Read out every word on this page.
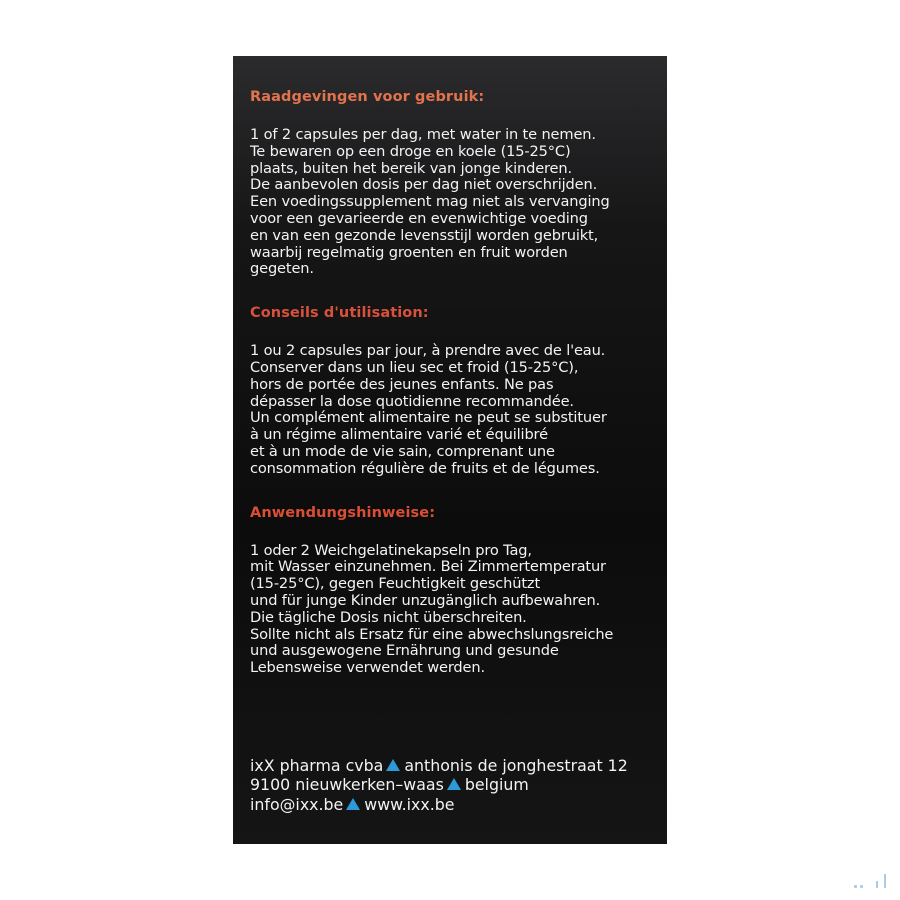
Raadgevingen voor gebruik:

1 of 2 capsules per dag, met water in te nemen.
Te bewaren op een droge en koele (15-25°C)
plaats, buiten het bereik van jonge kinderen.
De aanbevolen dosis per dag niet overschrijden.
Een voedingssupplement mag niet als vervanging
voor een gevarieerde en evenwichtige voeding
en van een gezonde levensstijl worden gebruikt,
waarbij regelmatig groenten en fruit worden
gegeten.

Conseils d'utilisation:

1 ou 2 capsules par jour, à prendre avec de l'eau.
Conserver dans un lieu sec et froid (15-25°C),
hors de portée des jeunes enfants. Ne pas
dépasser la dose quotidienne recommandée.
Un complément alimentaire ne peut se substituer
à un régime alimentaire varié et équilibré
et à un mode de vie sain, comprenant une
consommation régulière de fruits et de légumes.

Anwendungshinweise:

1 oder 2 Weichgelatinekapseln pro Tag,
mit Wasser einzunehmen. Bei Zimmertemperatur
(15-25°C), gegen Feuchtigkeit geschützt
und für junge Kinder unzugänglich aufbewahren.
Die tägliche Dosis nicht überschreiten.
Sollte nicht als Ersatz für eine abwechslungsreiche
und ausgewogene Ernährung und gesunde
Lebensweise verwendet werden.
ixX pharma cvba anthonis de jonghestraat 12
9100 nieuwkerken–waas belgium
info@ixx.be www.ixx.be
